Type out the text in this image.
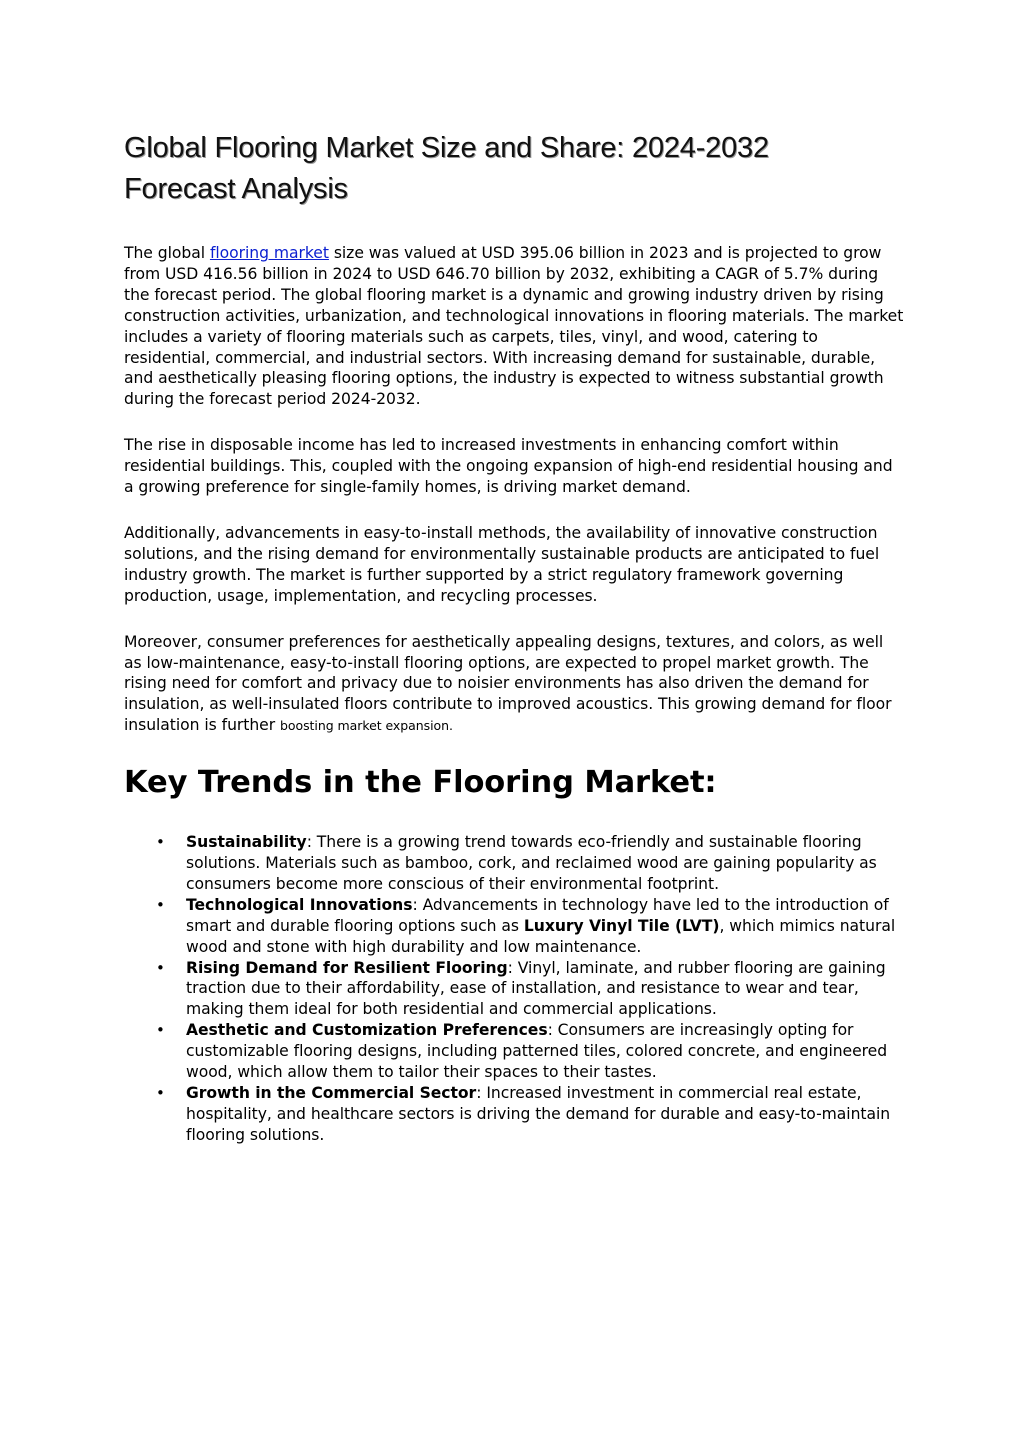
Global Flooring Market Size and Share: 2024-2032
Forecast Analysis

The global flooring market size was valued at USD 395.06 billion in 2023 and is projected to grow from USD 416.56 billion in 2024 to USD 646.70 billion by 2032, exhibiting a CAGR of 5.7% during the forecast period. The global flooring market is a dynamic and growing industry driven by rising construction activities, urbanization, and technological innovations in flooring materials. The market includes a variety of flooring materials such as carpets, tiles, vinyl, and wood, catering to residential, commercial, and industrial sectors. With increasing demand for sustainable, durable, and aesthetically pleasing flooring options, the industry is expected to witness substantial growth during the forecast period 2024-2032.

The rise in disposable income has led to increased investments in enhancing comfort within residential buildings. This, coupled with the ongoing expansion of high-end residential housing and a growing preference for single-family homes, is driving market demand.

Additionally, advancements in easy-to-install methods, the availability of innovative construction solutions, and the rising demand for environmentally sustainable products are anticipated to fuel industry growth. The market is further supported by a strict regulatory framework governing production, usage, implementation, and recycling processes.

Moreover, consumer preferences for aesthetically appealing designs, textures, and colors, as well as low-maintenance, easy-to-install flooring options, are expected to propel market growth. The rising need for comfort and privacy due to noisier environments has also driven the demand for insulation, as well-insulated floors contribute to improved acoustics. This growing demand for floor insulation is further boosting market expansion.

Key Trends in the Flooring Market:
• Sustainability: There is a growing trend towards eco-friendly and sustainable flooring solutions. Materials such as bamboo, cork, and reclaimed wood are gaining popularity as consumers become more conscious of their environmental footprint.
• Technological Innovations: Advancements in technology have led to the introduction of smart and durable flooring options such as Luxury Vinyl Tile (LVT), which mimics natural wood and stone with high durability and low maintenance.
• Rising Demand for Resilient Flooring: Vinyl, laminate, and rubber flooring are gaining traction due to their affordability, ease of installation, and resistance to wear and tear, making them ideal for both residential and commercial applications.
• Aesthetic and Customization Preferences: Consumers are increasingly opting for customizable flooring designs, including patterned tiles, colored concrete, and engineered wood, which allow them to tailor their spaces to their tastes.
• Growth in the Commercial Sector: Increased investment in commercial real estate, hospitality, and healthcare sectors is driving the demand for durable and easy-to-maintain flooring solutions.
